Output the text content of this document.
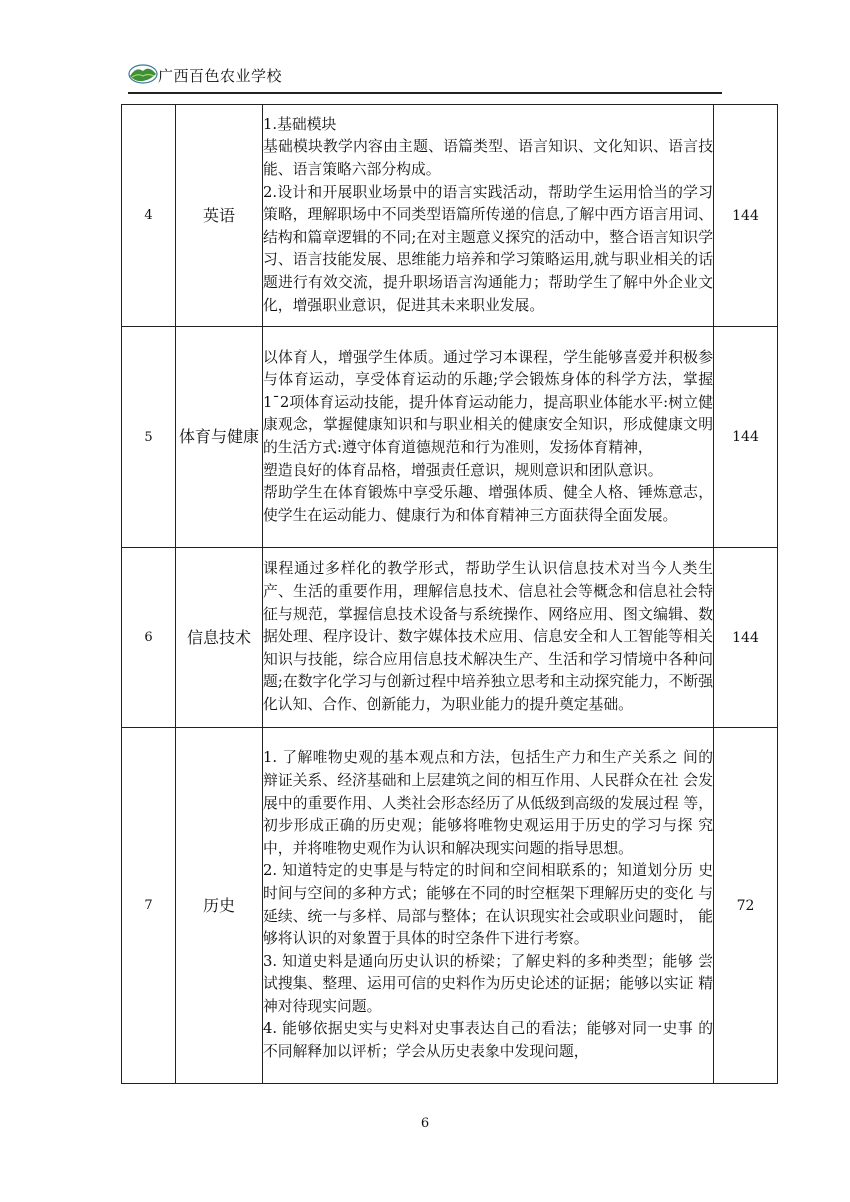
广西百色农业学校
4	英语	1.基础模块
基础模块教学内容由主题、语篇类型、语言知识、文化知识、语言技能、语言策略六部分构成。
2.设计和开展职业场景中的语言实践活动，帮助学生运用恰当的学习策略，理解职场中不同类型语篇所传递的信息,了解中西方语言用词、结构和篇章逻辑的不同;在对主题意义探究的活动中，整合语言知识学习、语言技能发展、思维能力培养和学习策略运用,就与职业相关的话题进行有效交流，提升职场语言沟通能力；帮助学生了解中外企业文化，增强职业意识，促进其未来职业发展。	144
5	体育与健康	以体育人，增强学生体质。通过学习本课程，学生能够喜爱并积极参与体育运动，享受体育运动的乐趣;学会锻炼身体的科学方法，掌握1¯2项体育运动技能，提升体育运动能力，提高职业体能水平:树立健康观念，掌握健康知识和与职业相关的健康安全知识，形成健康文明的生活方式:遵守体育道德规范和行为准则，发扬体育精神，
塑造良好的体育品格，增强责任意识，规则意识和团队意识。
帮助学生在体育锻炼中享受乐趣、增强体质、健全人格、锤炼意志，使学生在运动能力、健康行为和体育精神三方面获得全面发展。	144
6	信息技术	课程通过多样化的教学形式，帮助学生认识信息技术对当今人类生产、生活的重要作用，理解信息技术、信息社会等概念和信息社会特征与规范，掌握信息技术设备与系统操作、网络应用、图文编辑、数据处理、程序设计、数字媒体技术应用、信息安全和人工智能等相关知识与技能，综合应用信息技术解决生产、生活和学习情境中各种问题;在数字化学习与创新过程中培养独立思考和主动探究能力，不断强化认知、合作、创新能力，为职业能力的提升奠定基础。	144
7	历史	1. 了解唯物史观的基本观点和方法，包括生产力和生产关系之 间的辩证关系、经济基础和上层建筑之间的相互作用、人民群众在社 会发展中的重要作用、人类社会形态经历了从低级到高级的发展过程 等，初步形成正确的历史观；能够将唯物史观运用于历史的学习与探 究中，并将唯物史观作为认识和解决现实问题的指导思想。
2. 知道特定的史事是与特定的时间和空间相联系的；知道划分历 史时间与空间的多种方式；能够在不同的时空框架下理解历史的变化 与延续、统一与多样、局部与整体；在认识现实社会或职业问题时， 能够将认识的对象置于具体的时空条件下进行考察。
3. 知道史料是通向历史认识的桥梁；了解史料的多种类型；能够 尝试搜集、整理、运用可信的史料作为历史论述的证据；能够以实证 精神对待现实问题。
4. 能够依据史实与史料对史事表达自己的看法；能够对同一史事 的不同解释加以评析；学会从历史表象中发现问题，	72
6
